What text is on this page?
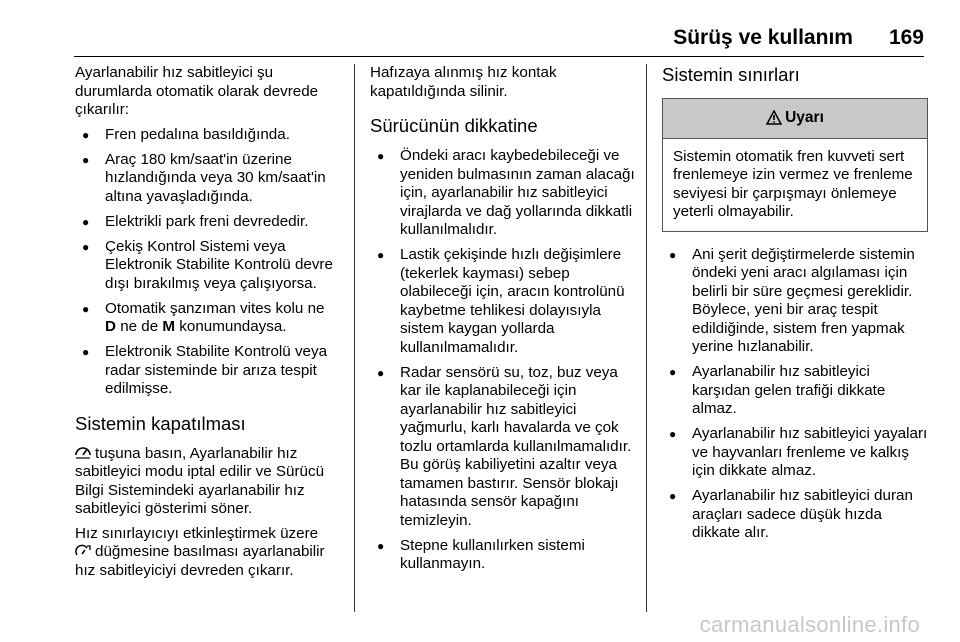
Sürüş ve kullanım 169

Ayarlanabilir hız sabitleyici şu durumlarda otomatik olarak devrede çıkarılır:

● Fren pedalına basıldığında.
● Araç 180 km/saat'in üzerine hızlandığında veya 30 km/saat'in altına yavaşladığında.
● Elektrikli park freni devrededir.
● Çekiş Kontrol Sistemi veya Elektronik Stabilite Kontrolü devre dışı bırakılmış veya çalışıyorsa.
● Otomatik şanzıman vites kolu ne
D ne de M konumundaysa.
● Elektronik Stabilite Kontrolü veya radar sisteminde bir arıza tespit edilmişse.
Sistemin kapatılması

tuşuna basın, Ayarlanabilir hız sabitleyici modu iptal edilir ve Sürücü Bilgi Sistemindeki ayarlanabilir hız sabitleyici gösterimi söner.

Hız sınırlayıcıyı etkinleştirmek üzere
düğmesine basılması ayarlanabilir hız sabitleyiciyi devreden çıkarır.

Hafızaya alınmış hız kontak kapatıldığında silinir.

Sürücünün dikkatine
● Öndeki aracı kaybedebileceği ve yeniden bulmasının zaman alacağı için, ayarlanabilir hız sabitleyici virajlarda ve dağ yollarında dikkatli kullanılmalıdır.
● Lastik çekişinde hızlı değişimlere (tekerlek kayması) sebep olabileceği için, aracın kontrolünü kaybetme tehlikesi dolayısıyla sistem kaygan yollarda kullanılmamalıdır.
● Radar sensörü su, toz, buz veya kar ile kaplanabileceği için ayarlanabilir hız sabitleyici yağmurlu, karlı havalarda ve çok tozlu ortamlarda kullanılmamalıdır. Bu görüş kabiliyetini azaltır veya tamamen bastırır. Sensör blokajı hatasında sensör kapağını temizleyin.
● Stepne kullanılırken sistemi kullanmayın.
Sistemin sınırları
Uyarı
Sistemin otomatik fren kuvveti sert frenlemeye izin vermez ve frenleme seviyesi bir çarpışmayı önlemeye yeterli olmayabilir.
● Ani şerit değiştirmelerde sistemin öndeki yeni aracı algılaması için belirli bir süre geçmesi gereklidir. Böylece, yeni bir araç tespit edildiğinde, sistem fren yapmak yerine hızlanabilir.
● Ayarlanabilir hız sabitleyici karşıdan gelen trafiği dikkate almaz.
● Ayarlanabilir hız sabitleyici yayaları ve hayvanları frenleme ve kalkış için dikkate almaz.
● Ayarlanabilir hız sabitleyici duran araçları sadece düşük hızda dikkate alır.
carmanualsonline.info
